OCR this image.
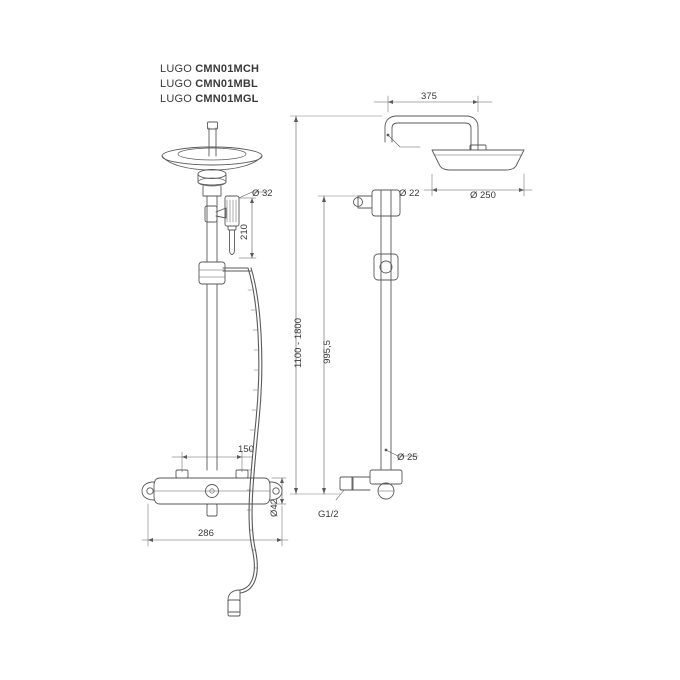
LUGO CMN01MCH
LUGO CMN01MBL
LUGO CMN01MGL
Ø 32
210
150
Ø42
286
375
Ø 22	Ø 250
1100 - 1800 995,5
Ø 25
G1/2
